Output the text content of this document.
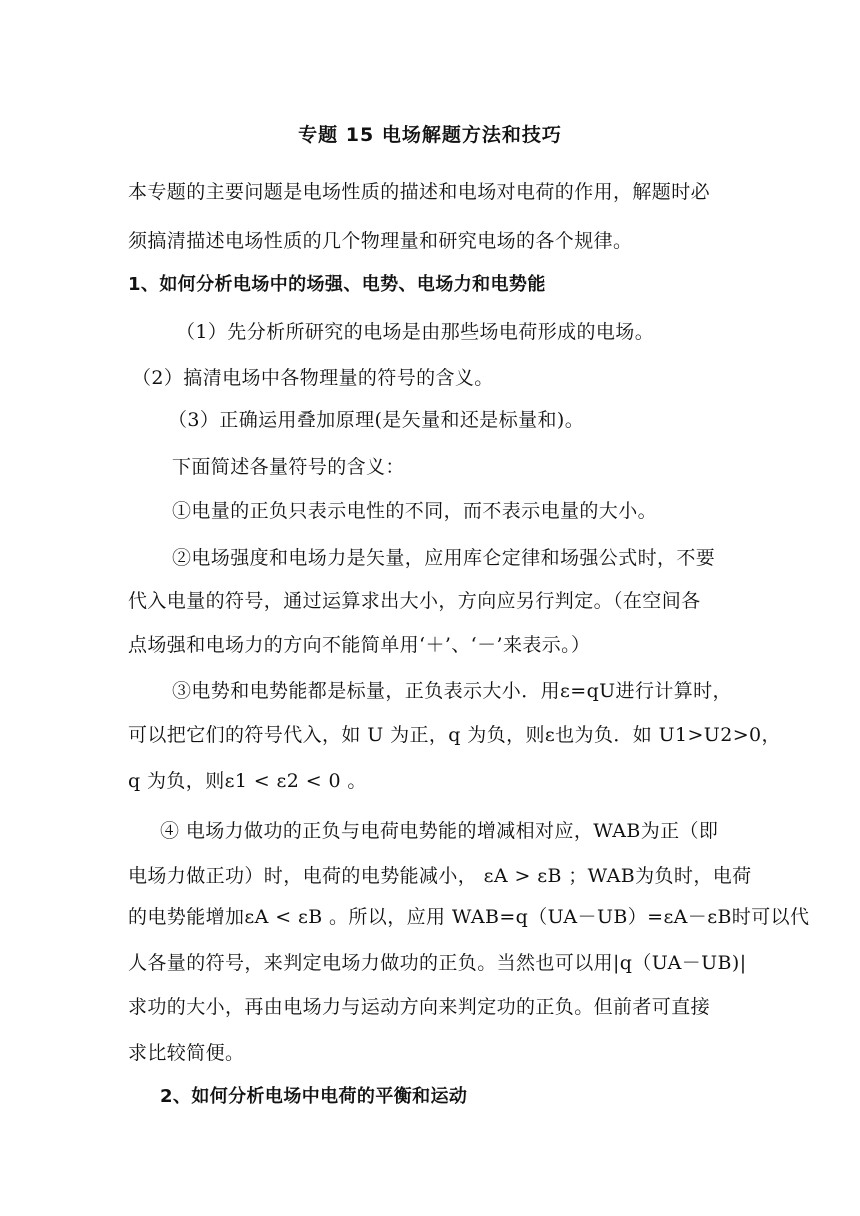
专题 15 电场解题方法和技巧
本专题的主要问题是电场性质的描述和电场对电荷的作用，解题时必
须搞清描述电场性质的几个物理量和研究电场的各个规律。
1、如何分析电场中的场强、电势、电场力和电势能
（1）先分析所研究的电场是由那些场电荷形成的电场。
（2）搞清电场中各物理量的符号的含义。
（3）正确运用叠加原理(是矢量和还是标量和)。
下面简述各量符号的含义：
①电量的正负只表示电性的不同，而不表示电量的大小。
②电场强度和电场力是矢量，应用库仑定律和场强公式时，不要
代入电量的符号，通过运算求出大小，方向应另行判定。（在空间各
点场强和电场力的方向不能简单用‘＋’、‘－’来表示。）
③电势和电势能都是标量，正负表示大小．用ε=qU进行计算时，
可以把它们的符号代入，如 U 为正，q 为负，则ε也为负．如 U1>U2>0，
q 为负，则ε1 < ε2 < 0 。
④ 电场力做功的正负与电荷电势能的增减相对应，WAB为正（即
电场力做正功）时，电荷的电势能减小， εA > εB ；WAB为负时，电荷
的电势能增加εA < εB 。所以，应用 WAB=q（UA－UB）=εA－εB时可以代
人各量的符号，来判定电场力做功的正负。当然也可以用|q（UA－UB)|
求功的大小，再由电场力与运动方向来判定功的正负。但前者可直接
求比较简便。
2、如何分析电场中电荷的平衡和运动
